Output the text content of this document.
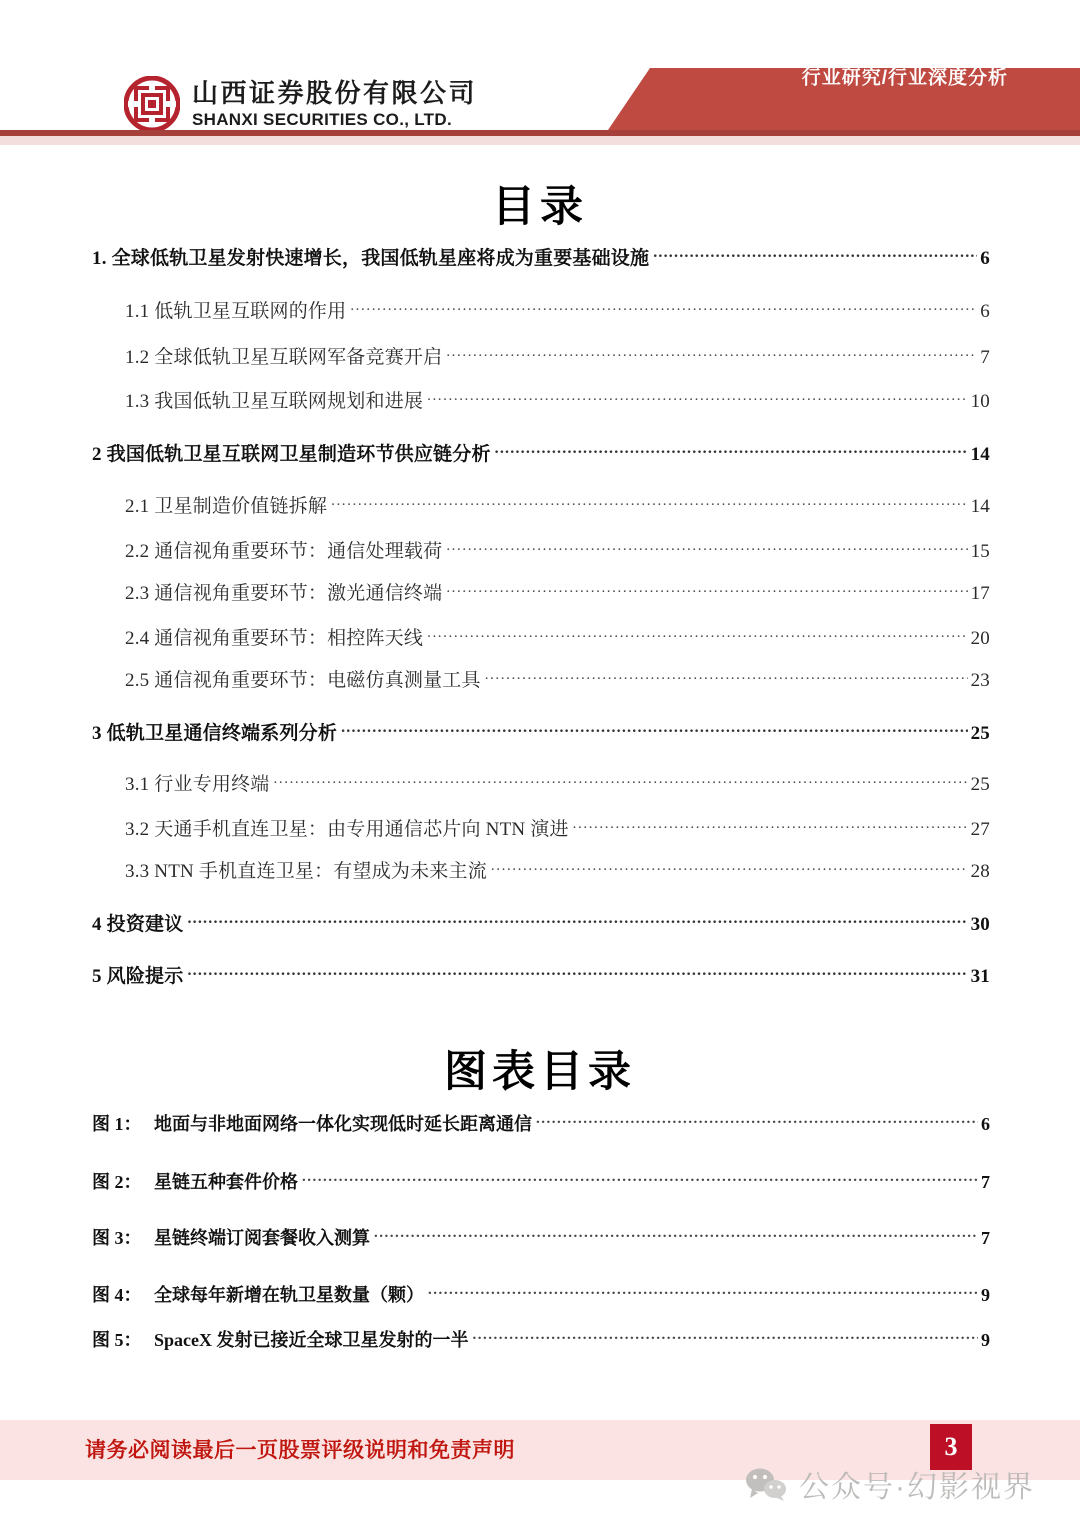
行业研究/行业深度分析
山西证券股份有限公司
SHANXI SECURITIES CO., LTD.
目录
1. 全球低轨卫星发射快速增长，我国低轨星座将成为重要基础设施 .....	6
1.1 低轨卫星互联网的作用 .....	6
1.2 全球低轨卫星互联网军备竞赛开启 .....	7
1.3 我国低轨卫星互联网规划和进展 .....	10
2 我国低轨卫星互联网卫星制造环节供应链分析 .....	14
2.1 卫星制造价值链拆解 .....	14
2.2 通信视角重要环节：通信处理载荷 .....	15
2.3 通信视角重要环节：激光通信终端 .....	17
2.4 通信视角重要环节：相控阵天线 .....	20
2.5 通信视角重要环节：电磁仿真测量工具 .....	23
3 低轨卫星通信终端系列分析 .....	25
3.1 行业专用终端 .....	25
3.2 天通手机直连卫星：由专用通信芯片向 NTN 演进 .....	27
3.3 NTN 手机直连卫星：有望成为未来主流 .....	28
4 投资建议 .....	30
5 风险提示 .....	31
图表目录
图 1： 地面与非地面网络一体化实现低时延长距离通信 .....	6
图 2： 星链五种套件价格 .....	7
图 3： 星链终端订阅套餐收入测算 .....	7
图 4： 全球每年新增在轨卫星数量（颗） .....	9
图 5： SpaceX 发射已接近全球卫星发射的一半 .....	9
请务必阅读最后一页股票评级说明和免责声明	3
公众号·幻影视界
